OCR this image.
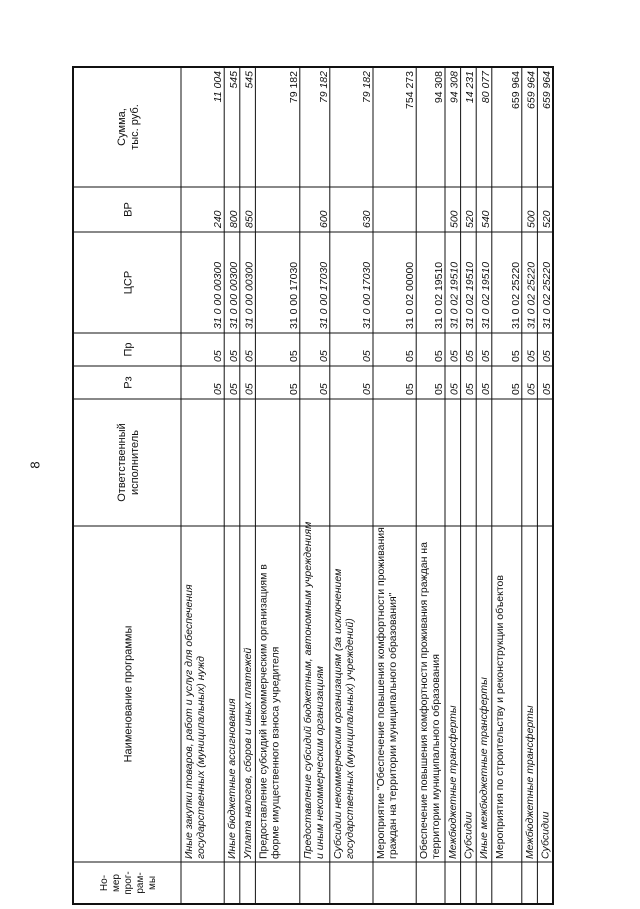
8
Но- мер прог- рам- мы
Наименование программы
Ответственный исполнитель
Рз
Пр
ЦСР
ВР
Сумма, тыс. руб.
Иные закупки товаров, работ и услуг для обеспечения государственных (муниципальных) нужд
05
05
31 0 00 00300
240
11 004
Иные бюджетные ассигнования
05
05
31 0 00 00300
800
545
Уплата налогов, сборов и иных платежей
05
05
31 0 00 00300
850
545
Предоставление субсидий некоммерческим организациям в форме имущественного взноса учредителя
05
05
31 0 00 17030
79 182
Предоставление субсидий бюджетным, автономным учреждениям и иным некоммерческим организациям
05
05
31 0 00 17030
600
79 182
Субсидии некоммерческим организациям (за исключением государственных (муниципальных) учреждений)
05
05
31 0 00 17030
630
79 182
Мероприятие "Обеспечение повышения комфортности проживания граждан на территории муниципального образования"
05
05
31 0 02 00000
754 273
Обеспечение повышения комфортности проживания граждан на территории муниципального образования
05
05
31 0 02 19510
94 308
Межбюджетные трансферты
05
05
31 0 02 19510
500
94 308
Субсидии
05
05
31 0 02 19510
520
14 231
Иные межбюджетные трансферты
05
05
31 0 02 19510
540
80 077
Мероприятия по строительству и реконструкции объектов
05
05
31 0 02 25220
659 964
Межбюджетные трансферты
05
05
31 0 02 25220
500
659 964
Субсидии
05
05
31 0 02 25220
520
659 964
